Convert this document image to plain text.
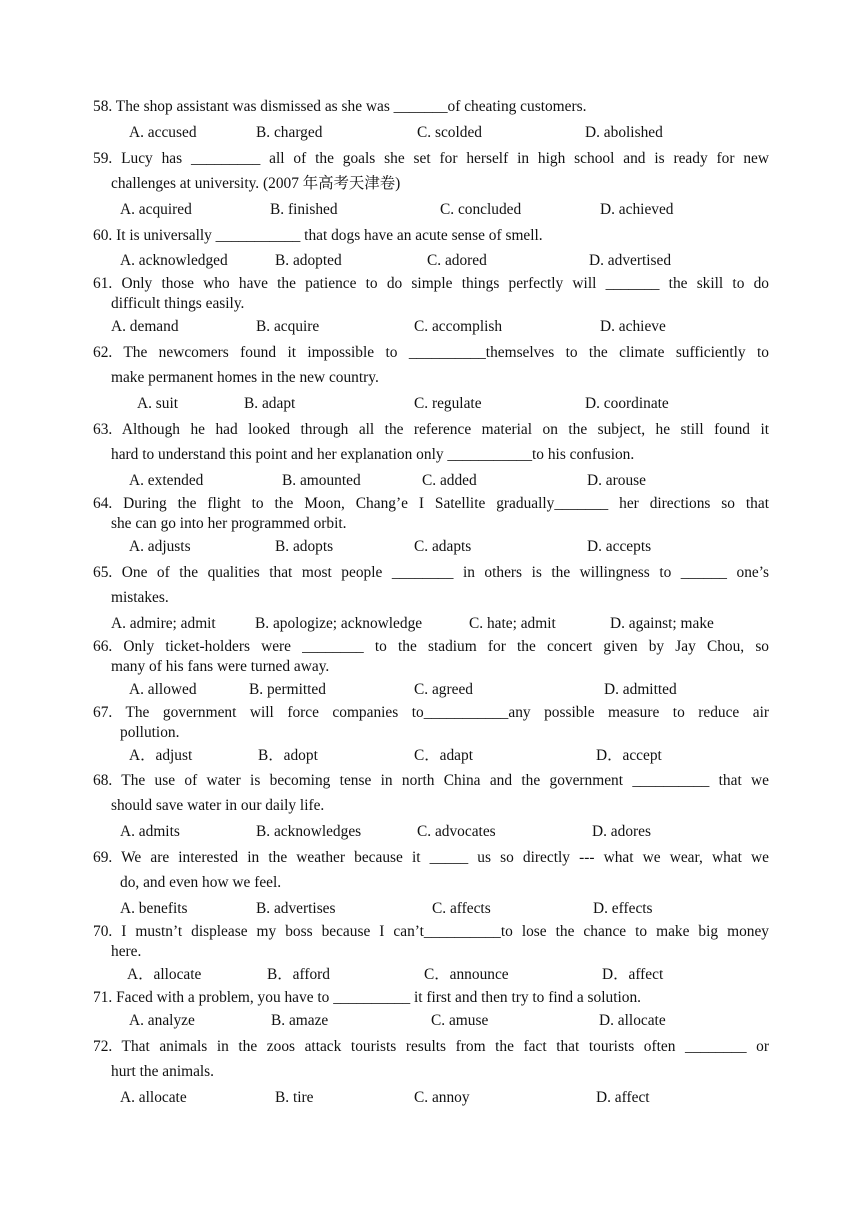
58. The shop assistant was dismissed as she was _______of cheating customers.
A. accused	B. charged	C. scolded	D. abolished
59. Lucy has _________ all of the goals she set for herself in high school and is ready for new
challenges at university. (2007 年高考天津卷)
A. acquired	B. finished	C. concluded	D. achieved
60. It is universally ___________ that dogs have an acute sense of smell.
A. acknowledged	B. adopted	C. adored	D. advertised
61. Only those who have the patience to do simple things perfectly will _______ the skill to do
difficult things easily.
A. demand	B. acquire	C. accomplish	D. achieve
62. The newcomers found it impossible to __________themselves to the climate sufficiently to
make permanent homes in the new country.
A. suit	B. adapt	C. regulate	D. coordinate
63. Although he had looked through all the reference material on the subject, he still found it
hard to understand this point and her explanation only ___________to his confusion.
A. extended	B. amounted	C. added	D. arouse
64. During the flight to the Moon, Chang’e I Satellite gradually_______ her directions so that
she can go into her programmed orbit.
A. adjusts	B. adopts	C. adapts	D. accepts
65. One of the qualities that most people ________ in others is the willingness to ______ one’s
mistakes.
A. admire; admit	B. apologize; acknowledge	C. hate; admit	D. against; make
66. Only ticket-holders were ________ to the stadium for the concert given by Jay Chou, so
many of his fans were turned away.
A. allowed	B. permitted	C. agreed	D. admitted
67. The government will force companies to___________any possible measure to reduce air
pollution.
A．adjust	B．adopt	C．adapt	D．accept
68. The use of water is becoming tense in north China and the government __________ that we
should save water in our daily life.
A. admits	B. acknowledges	C. advocates	D. adores
69. We are interested in the weather because it _____ us so directly --- what we wear, what we
do, and even how we feel.
A. benefits	B. advertises	C. affects	D. effects
70. I mustn’t displease my boss because I can’t__________to lose the chance to make big money
here.
A．allocate	B．afford	C．announce	D．affect
71. Faced with a problem, you have to __________ it first and then try to find a solution.
A. analyze	B. amaze	C. amuse	D. allocate
72. That animals in the zoos attack tourists results from the fact that tourists often ________ or
hurt the animals.
A. allocate	B. tire	C. annoy	D. affect
